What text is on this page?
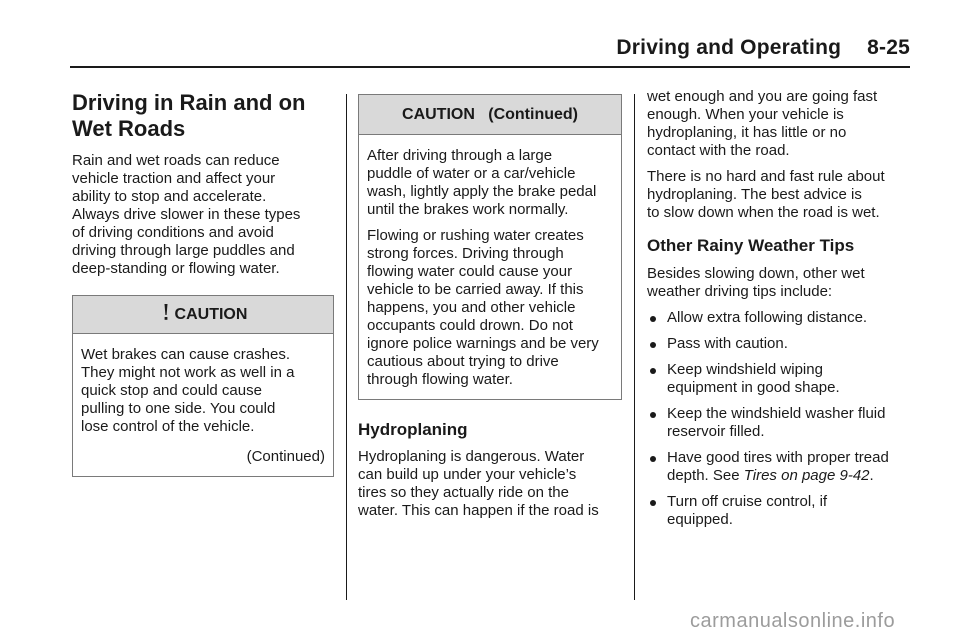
Driving and Operating 8-25
Driving in Rain and on
Wet Roads

Rain and wet roads can reduce
vehicle traction and affect your
ability to stop and accelerate.
Always drive slower in these types
of driving conditions and avoid
driving through large puddles and
deep-standing or flowing water.

CAUTION

Wet brakes can cause crashes.
They might not work as well in a
quick stop and could cause
pulling to one side. You could
lose control of the vehicle.

(Continued)

CAUTION   (Continued)

After driving through a large
puddle of water or a car/vehicle
wash, lightly apply the brake pedal
until the brakes work normally.

Flowing or rushing water creates
strong forces. Driving through
flowing water could cause your
vehicle to be carried away. If this
happens, you and other vehicle
occupants could drown. Do not
ignore police warnings and be very
cautious about trying to drive
through flowing water.

Hydroplaning

Hydroplaning is dangerous. Water
can build up under your vehicle’s
tires so they actually ride on the
water. This can happen if the road is

wet enough and you are going fast
enough. When your vehicle is
hydroplaning, it has little or no
contact with the road.

There is no hard and fast rule about
hydroplaning. The best advice is
to slow down when the road is wet.

Other Rainy Weather Tips

Besides slowing down, other wet
weather driving tips include:

Allow extra following distance.
Pass with caution.
Keep windshield wiping
equipment in good shape.
Keep the windshield washer fluid
reservoir filled.
Have good tires with proper tread
depth. See Tires on page 9-42.
Turn off cruise control, if
equipped.
carmanualsonline.info
